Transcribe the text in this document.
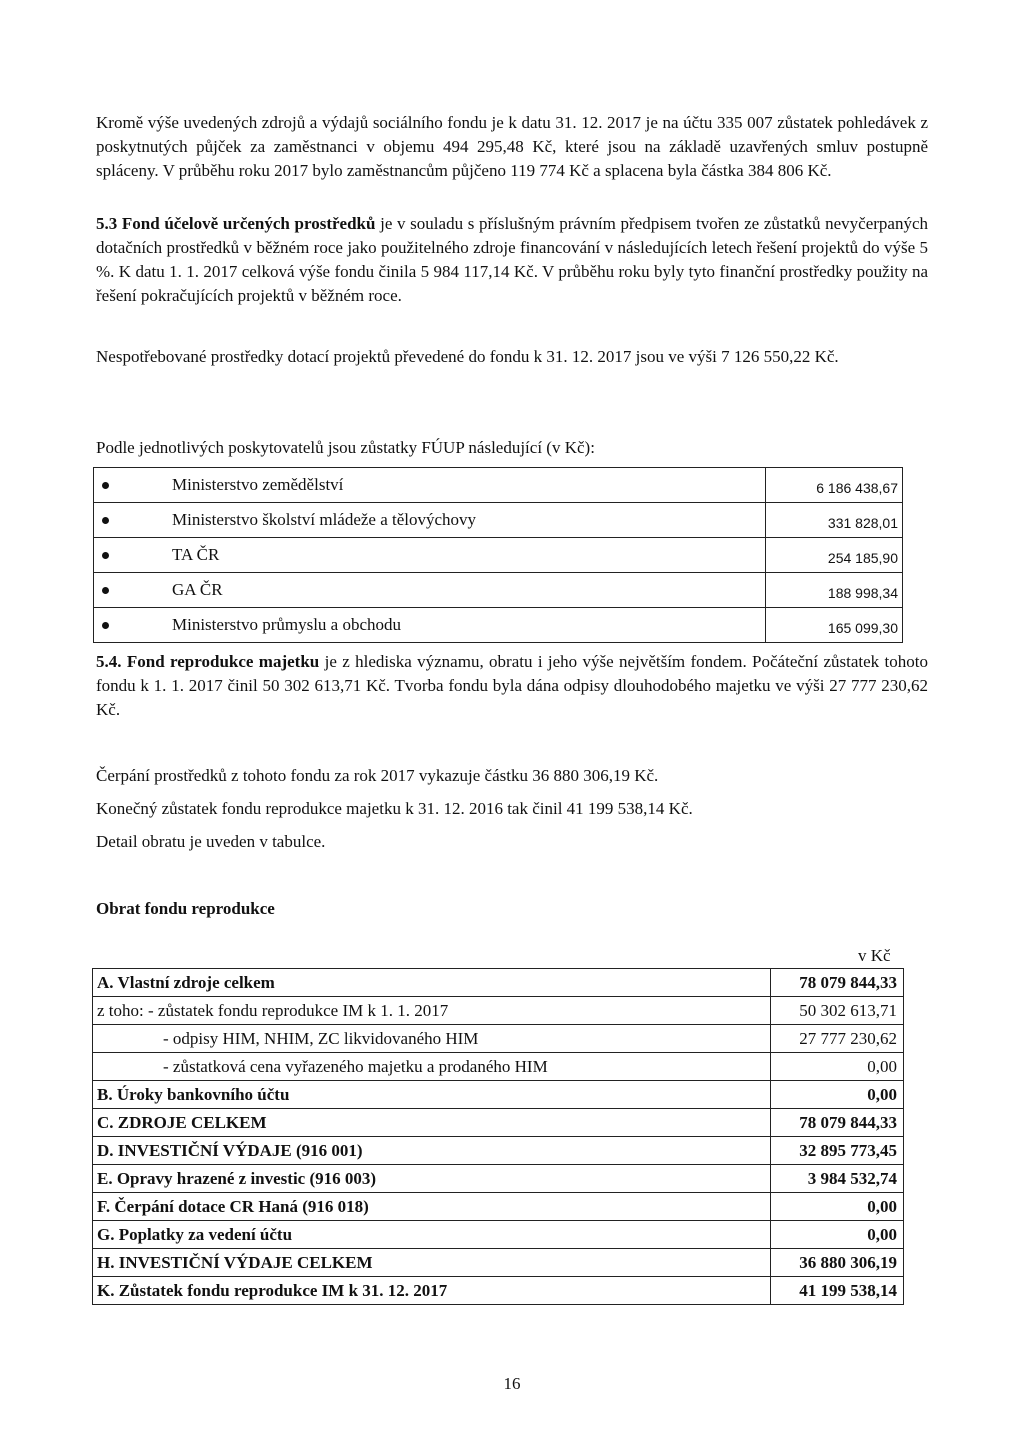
Kromě výše uvedených zdrojů a výdajů sociálního fondu je k datu 31. 12. 2017 je na účtu 335 007 zůstatek pohledávek z poskytnutých půjček za zaměstnanci v objemu 494 295,48 Kč, které jsou na základě uzavřených smluv postupně spláceny. V průběhu roku 2017 bylo zaměstnancům půjčeno 119 774 Kč a splacena byla částka 384 806 Kč.

5.3 Fond účelově určených prostředků je v souladu s příslušným právním předpisem tvořen ze zůstatků nevyčerpaných dotačních prostředků v běžném roce jako použitelného zdroje financování v následujících letech řešení projektů do výše 5 %. K datu 1. 1. 2017 celková výše fondu činila 5 984 117,14 Kč. V průběhu roku byly tyto finanční prostředky použity na řešení pokračujících projektů v běžném roce.

Nespotřebované prostředky dotací projektů převedené do fondu k 31. 12. 2017 jsou ve výši 7 126 550,22 Kč.

Podle jednotlivých poskytovatelů jsou zůstatky FÚUP následující (v Kč):

Ministerstvo zemědělství	6 186 438,67

Ministerstvo školství mládeže a tělovýchovy	331 828,01

TA ČR	254 185,90

GA ČR	188 998,34

Ministerstvo průmyslu a obchodu	165 099,30

5.4. Fond reprodukce majetku je z hlediska významu, obratu i jeho výše největším fondem. Počáteční zůstatek tohoto fondu k 1. 1. 2017 činil 50 302 613,71 Kč. Tvorba fondu byla dána odpisy dlouhodobého majetku ve výši 27 777 230,62 Kč.

Čerpání prostředků z tohoto fondu za rok 2017 vykazuje částku 36 880 306,19 Kč.

Konečný zůstatek fondu reprodukce majetku k 31. 12. 2016 tak činil 41 199 538,14 Kč.

Detail obratu je uveden v tabulce.

Obrat fondu reprodukce

v Kč

A. Vlastní zdroje celkem	78 079 844,33
z toho: - zůstatek fondu reprodukce IM k 1. 1. 2017	50 302 613,71
- odpisy HIM, NHIM, ZC likvidovaného HIM	27 777 230,62
- zůstatková cena vyřazeného majetku a prodaného HIM	0,00
B. Úroky bankovního účtu	0,00
C. ZDROJE CELKEM	78 079 844,33
D. INVESTIČNÍ VÝDAJE (916 001)	32 895 773,45
E. Opravy hrazené z investic (916 003)	3 984 532,74
F. Čerpání dotace CR Haná (916 018)	0,00
G. Poplatky za vedení účtu	0,00
H. INVESTIČNÍ VÝDAJE CELKEM	36 880 306,19
K. Zůstatek fondu reprodukce IM k 31. 12. 2017	41 199 538,14

16
